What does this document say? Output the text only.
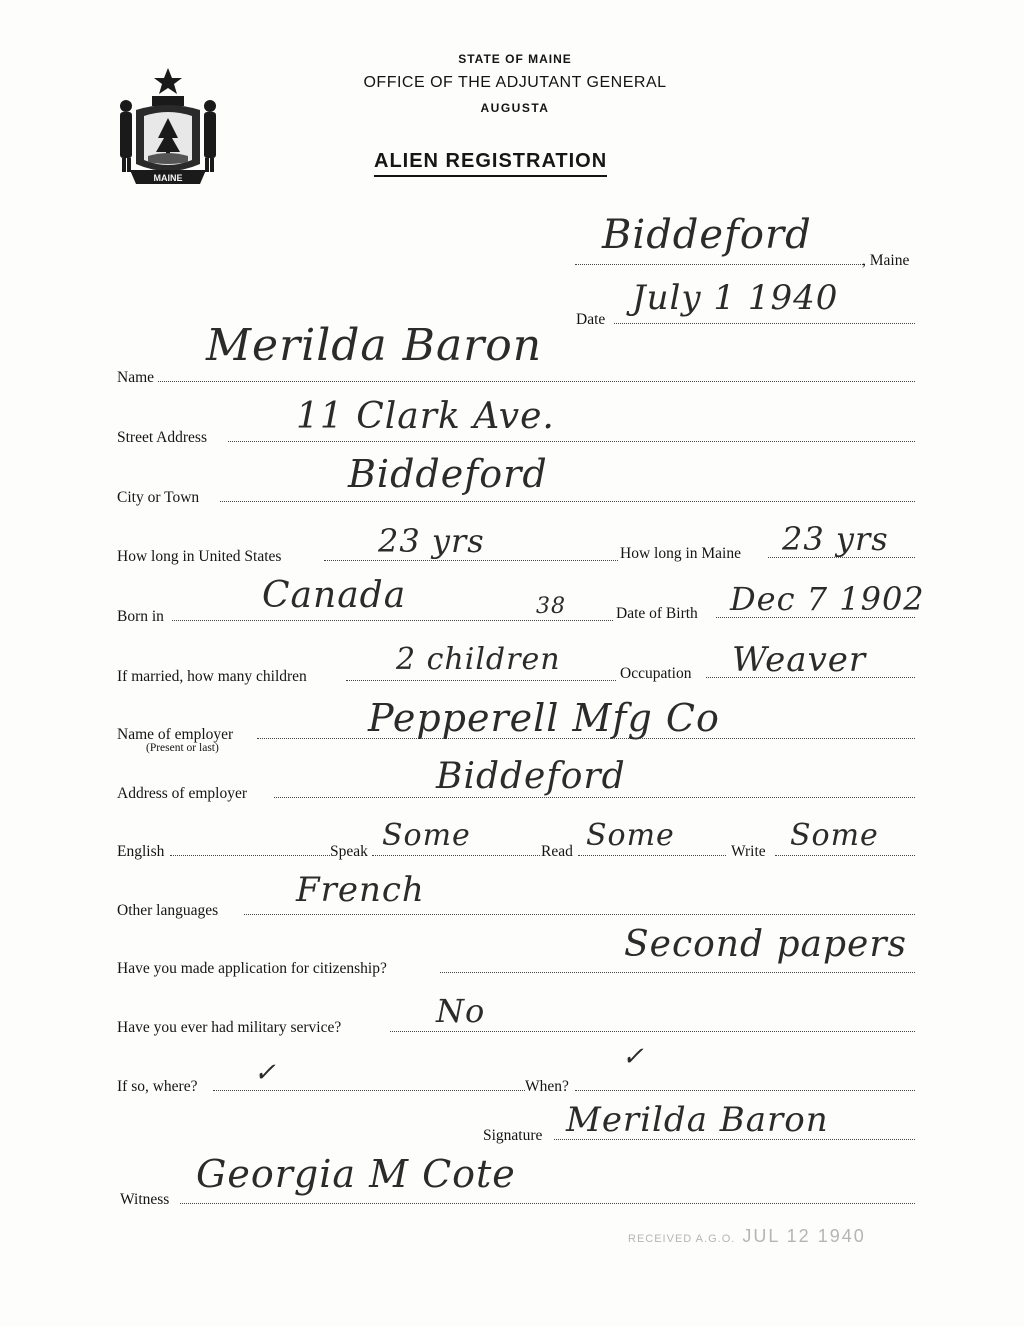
MAINE
STATE OF MAINE
OFFICE OF THE ADJUTANT GENERAL
AUGUSTA
ALIEN REGISTRATION
Biddeford
, Maine
Date
July 1 1940
Name
Merilda Baron
Street Address
11 Clark Ave.
City or Town
Biddeford
How long in United States	23 yrs	How long in Maine 23 yrs
Born in
Canada	38	Date of Birth Dec 7 1902
If married, how many children	2 children	Occupation Weaver
Name of employer
(Present or last)
Pepperell Mfg Co
Address of employer	Biddeford
English	Speak Some	Read Some	Write Some
Other languages
French
Have you made application for citizenship?
Second papers
Have you ever had military service?	No
If so, where? ✓	When?
✓
Signature Merilda Baron
Witness
Georgia M Cote
RECEIVED A.G.O. JUL 12 1940
